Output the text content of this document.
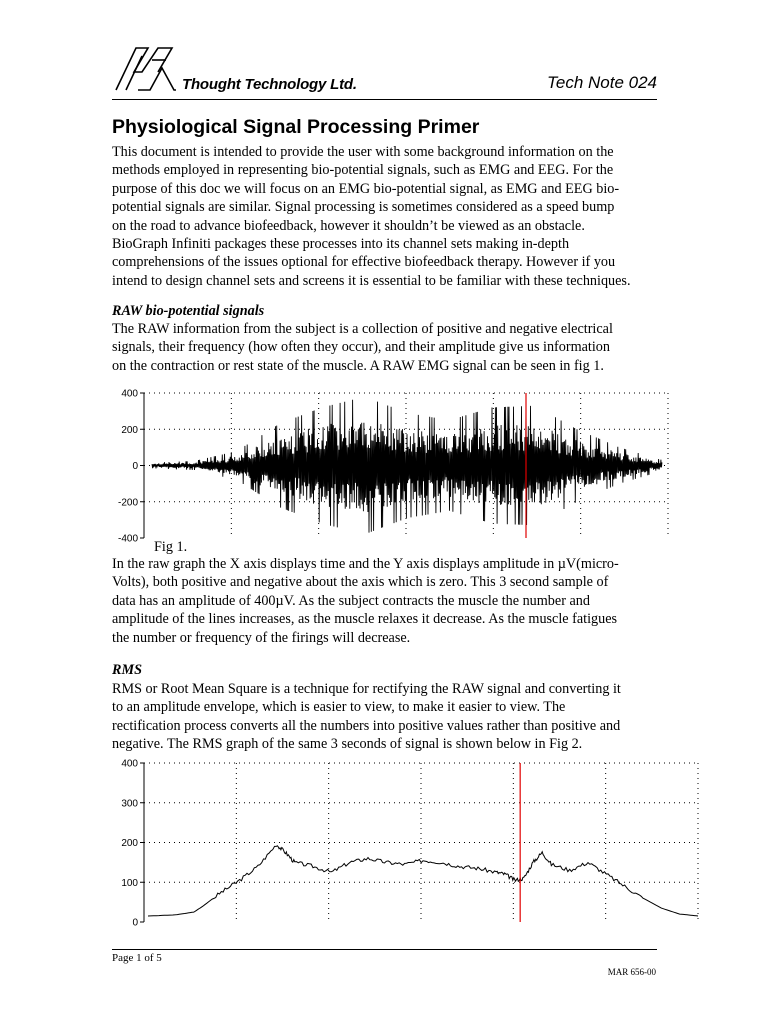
Thought Technology Ltd.	Tech Note 024
Physiological Signal Processing Primer

This document is intended to provide the user with some background information on the

methods employed in representing bio-potential signals, such as EMG and EEG. For the

purpose of this doc we will focus on an EMG bio-potential signal, as EMG and EEG bio-

potential signals are similar. Signal processing is sometimes considered as a speed bump

on the road to advance biofeedback, however it shouldn’t be viewed as an obstacle.

BioGraph Infiniti packages these processes into its channel sets making in-depth

comprehensions of the issues optional for effective biofeedback therapy. However if you

intend to design channel sets and screens it is essential to be familiar with these techniques.

RAW bio-potential signals

The RAW information from the subject is a collection of positive and negative electrical

signals, their frequency (how often they occur), and their amplitude give us information

on the contraction or rest state of the muscle. A RAW EMG signal can be seen in fig 1.

400
200
0
-200
-400 Fig 1.

In the raw graph the X axis displays time and the Y axis displays amplitude in µV(micro-

Volts), both positive and negative about the axis which is zero. This 3 second sample of

data has an amplitude of 400µV. As the subject contracts the muscle the number and

amplitude of the lines increases, as the muscle relaxes it decrease. As the muscle fatigues

the number or frequency of the firings will decrease.

RMS

RMS or Root Mean Square is a technique for rectifying the RAW signal and converting it

to an amplitude envelope, which is easier to view, to make it easier to view. The

rectification process converts all the numbers into positive values rather than positive and

negative. The RMS graph of the same 3 seconds of signal is shown below in Fig 2.

400
300
200
100
0
Page 1 of 5
MAR 656-00
